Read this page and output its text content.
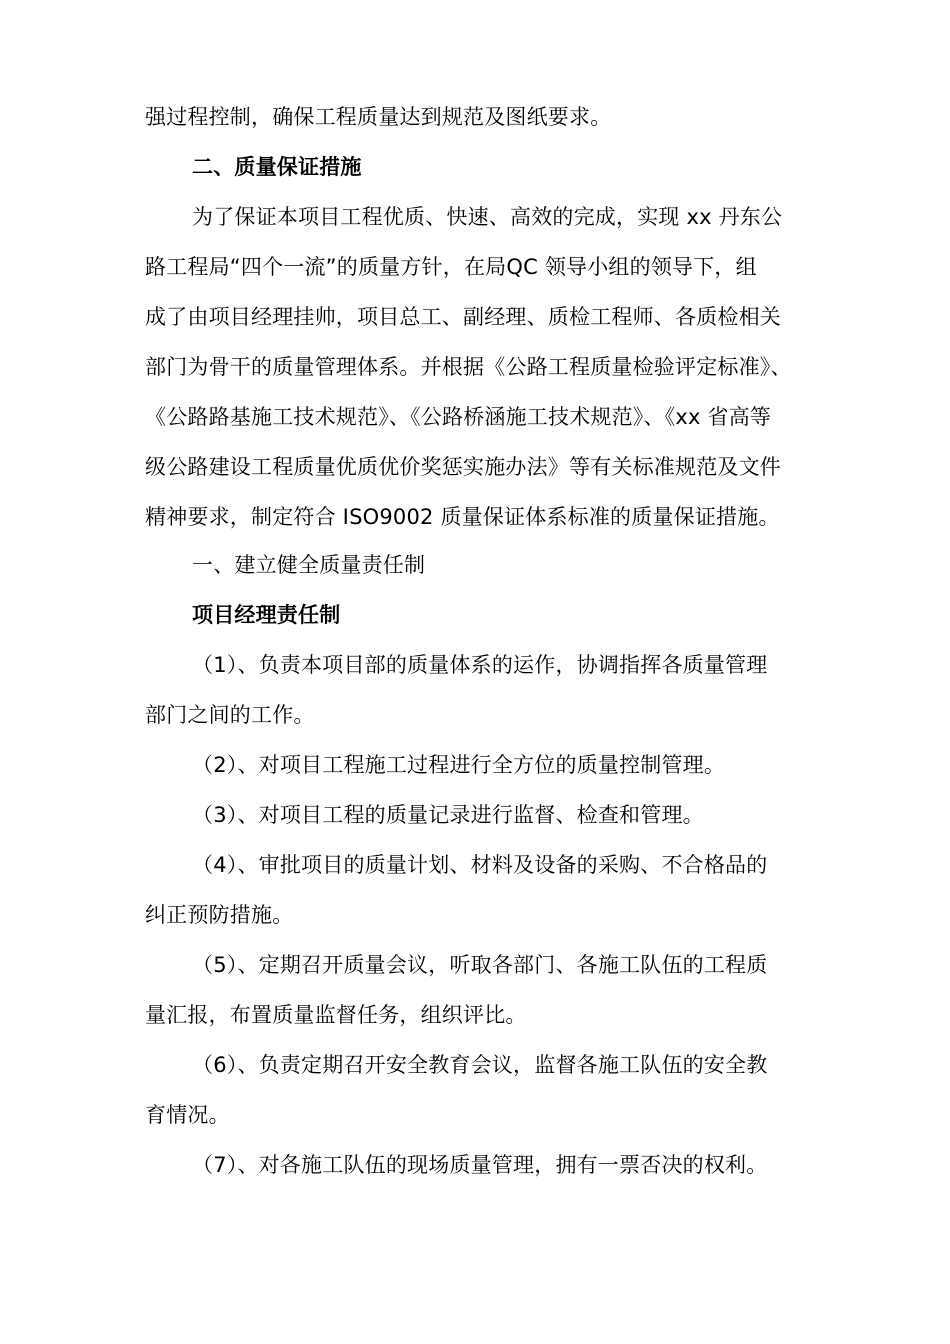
强过程控制，确保工程质量达到规范及图纸要求。
二、质量保证措施
为了保证本项目工程优质、快速、高效的完成，实现 xx 丹东公
路工程局“四个一流”的质量方针，在局QC 领导小组的领导下，组
成了由项目经理挂帅，项目总工、副经理、质检工程师、各质检相关
部门为骨干的质量管理体系。并根据《公路工程质量检验评定标准》、
《公路路基施工技术规范》、《公路桥涵施工技术规范》、《xx 省高等
级公路建设工程质量优质优价奖惩实施办法》等有关标准规范及文件
精神要求，制定符合 ISO9002 质量保证体系标准的质量保证措施。
一、建立健全质量责任制
项目经理责任制
（1）、负责本项目部的质量体系的运作，协调指挥各质量管理
部门之间的工作。
（2）、对项目工程施工过程进行全方位的质量控制管理。
（3）、对项目工程的质量记录进行监督、检查和管理。
（4）、审批项目的质量计划、材料及设备的采购、不合格品的
纠正预防措施。
（5）、定期召开质量会议，听取各部门、各施工队伍的工程质
量汇报，布置质量监督任务，组织评比。
（6）、负责定期召开安全教育会议，监督各施工队伍的安全教
育情况。
（7）、对各施工队伍的现场质量管理，拥有一票否决的权利。
